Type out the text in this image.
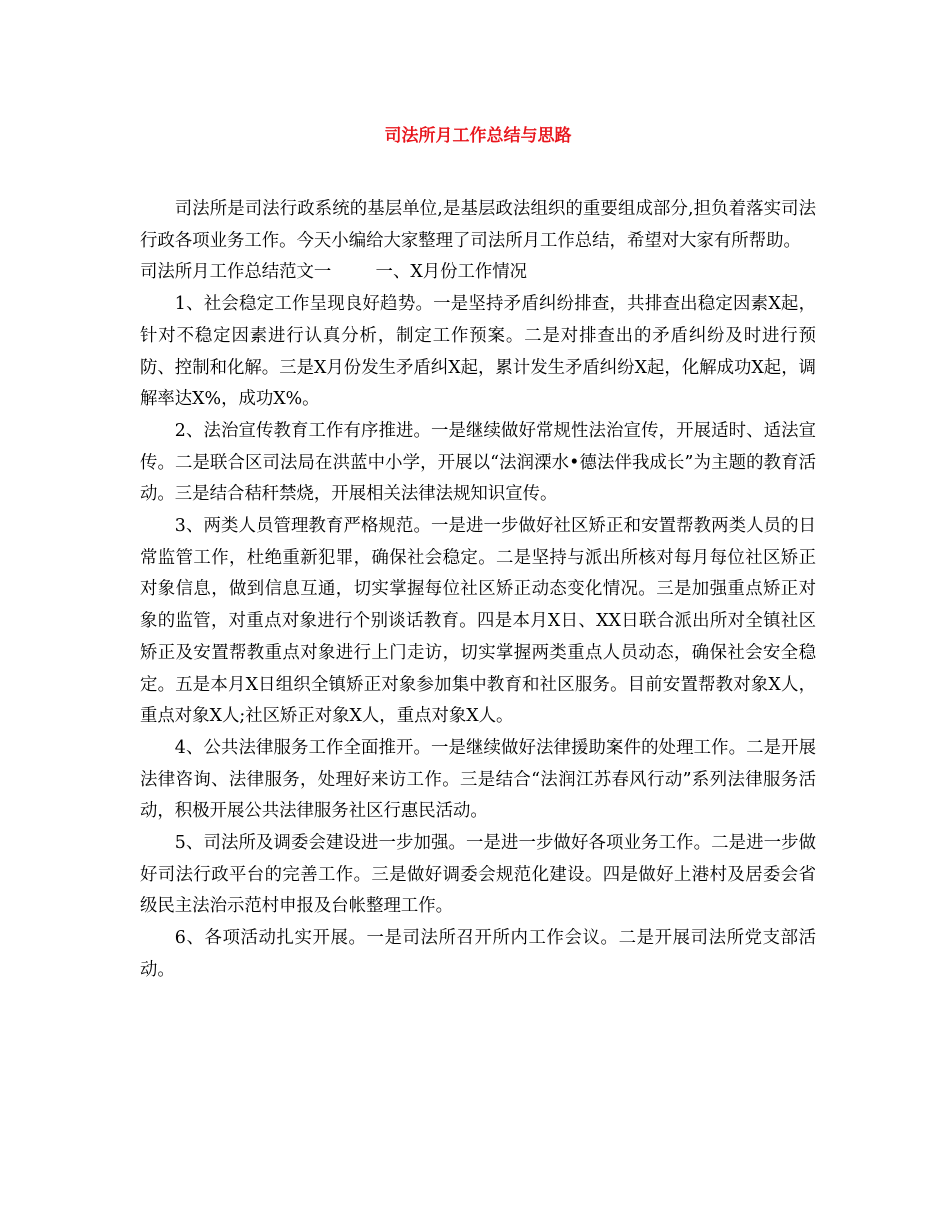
司法所月工作总结与思路

司法所是司法行政系统的基层单位,是基层政法组织的重要组成部分,担负着落实司法行政各项业务工作。今天小编给大家整理了司法所月工作总结，希望对大家有所帮助。

司法所月工作总结范文一	一、X月份工作情况

1、社会稳定工作呈现良好趋势。一是坚持矛盾纠纷排查，共排查出稳定因素X起，针对不稳定因素进行认真分析，制定工作预案。二是对排查出的矛盾纠纷及时进行预防、控制和化解。三是X月份发生矛盾纠X起，累计发生矛盾纠纷X起，化解成功X起，调解率达X%，成功X%。

2、法治宣传教育工作有序推进。一是继续做好常规性法治宣传，开展适时、适法宣传。二是联合区司法局在洪蓝中小学，开展以“法润溧水•德法伴我成长”为主题的教育活动。三是结合秸秆禁烧，开展相关法律法规知识宣传。

3、两类人员管理教育严格规范。一是进一步做好社区矫正和安置帮教两类人员的日常监管工作，杜绝重新犯罪，确保社会稳定。二是坚持与派出所核对每月每位社区矫正对象信息，做到信息互通，切实掌握每位社区矫正动态变化情况。三是加强重点矫正对象的监管，对重点对象进行个别谈话教育。四是本月X日、XX日联合派出所对全镇社区矫正及安置帮教重点对象进行上门走访，切实掌握两类重点人员动态，确保社会安全稳定。五是本月X日组织全镇矫正对象参加集中教育和社区服务。目前安置帮教对象X人，重点对象X人;社区矫正对象X人，重点对象X人。

4、公共法律服务工作全面推开。一是继续做好法律援助案件的处理工作。二是开展法律咨询、法律服务，处理好来访工作。三是结合“法润江苏春风行动”系列法律服务活动，积极开展公共法律服务社区行惠民活动。

5、司法所及调委会建设进一步加强。一是进一步做好各项业务工作。二是进一步做好司法行政平台的完善工作。三是做好调委会规范化建设。四是做好上港村及居委会省级民主法治示范村申报及台帐整理工作。

6、各项活动扎实开展。一是司法所召开所内工作会议。二是开展司法所党支部活动。
